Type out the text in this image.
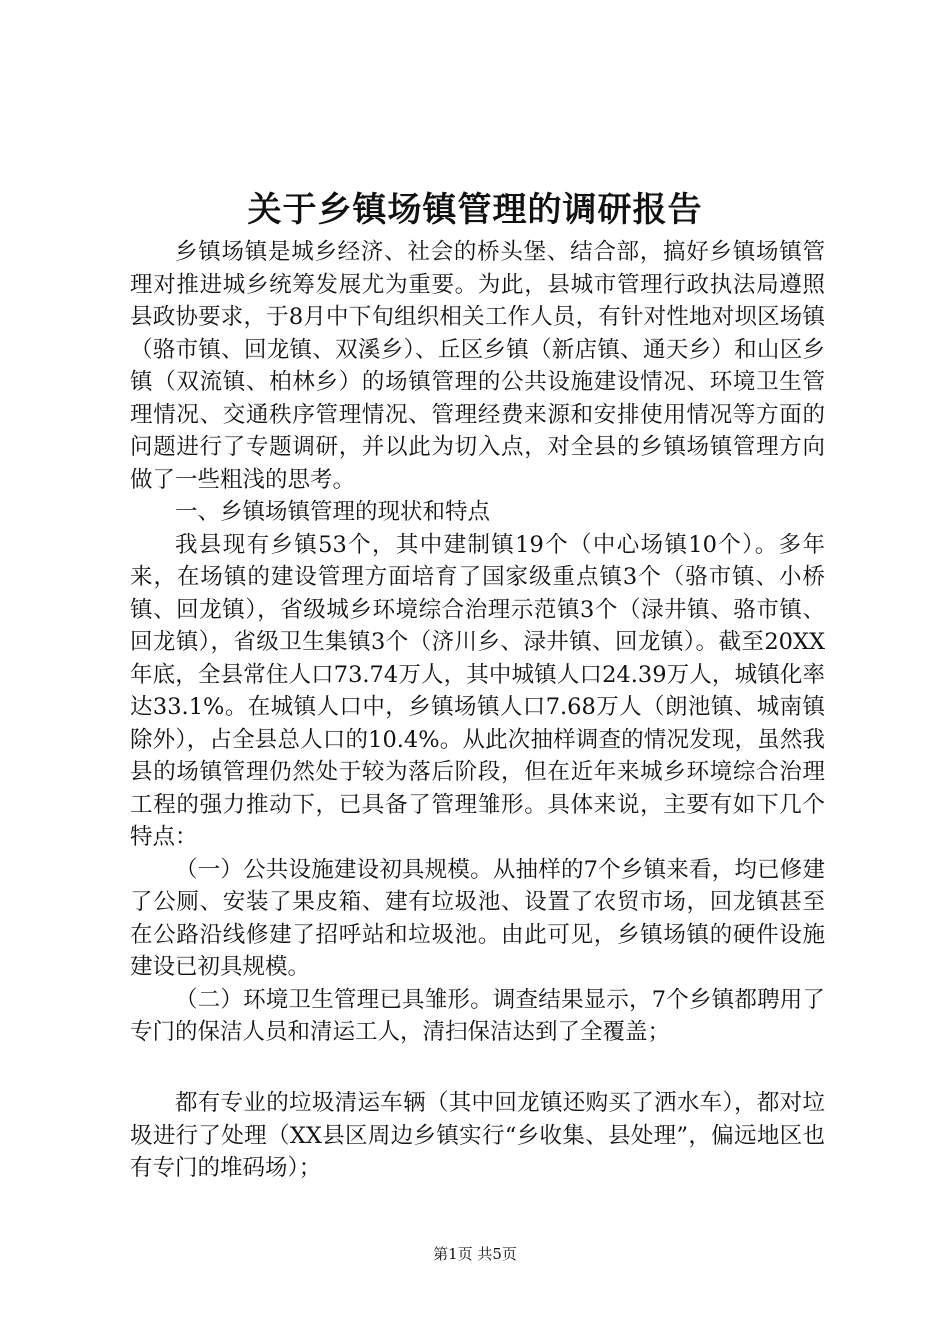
关于乡镇场镇管理的调研报告

乡镇场镇是城乡经济、社会的桥头堡、结合部，搞好乡镇场镇管理对推进城乡统筹发展尤为重要。为此，县城市管理行政执法局遵照县政协要求，于8月中下旬组织相关工作人员，有针对性地对坝区场镇（骆市镇、回龙镇、双溪乡）、丘区乡镇（新店镇、通天乡）和山区乡镇（双流镇、柏林乡）的场镇管理的公共设施建设情况、环境卫生管理情况、交通秩序管理情况、管理经费来源和安排使用情况等方面的问题进行了专题调研，并以此为切入点，对全县的乡镇场镇管理方向做了一些粗浅的思考。

一、乡镇场镇管理的现状和特点

我县现有乡镇53个，其中建制镇19个（中心场镇10个）。多年来，在场镇的建设管理方面培育了国家级重点镇3个（骆市镇、小桥镇、回龙镇），省级城乡环境综合治理示范镇3个（渌井镇、骆市镇、回龙镇），省级卫生集镇3个（济川乡、渌井镇、回龙镇）。截至20XX年底，全县常住人口73.74万人，其中城镇人口24.39万人，城镇化率达33.1%。在城镇人口中，乡镇场镇人口7.68万人（朗池镇、城南镇除外），占全县总人口的10.4%。从此次抽样调查的情况发现，虽然我县的场镇管理仍然处于较为落后阶段，但在近年来城乡环境综合治理工程的强力推动下，已具备了管理雏形。具体来说，主要有如下几个特点：

（一）公共设施建设初具规模。从抽样的7个乡镇来看，均已修建了公厕、安装了果皮箱、建有垃圾池、设置了农贸市场，回龙镇甚至在公路沿线修建了招呼站和垃圾池。由此可见，乡镇场镇的硬件设施建设已初具规模。

（二）环境卫生管理已具雏形。调查结果显示，7个乡镇都聘用了专门的保洁人员和清运工人，清扫保洁达到了全覆盖；

都有专业的垃圾清运车辆（其中回龙镇还购买了洒水车），都对垃圾进行了处理（XX县区周边乡镇实行“乡收集、县处理”，偏远地区也有专门的堆码场）；

第1页 共5页
